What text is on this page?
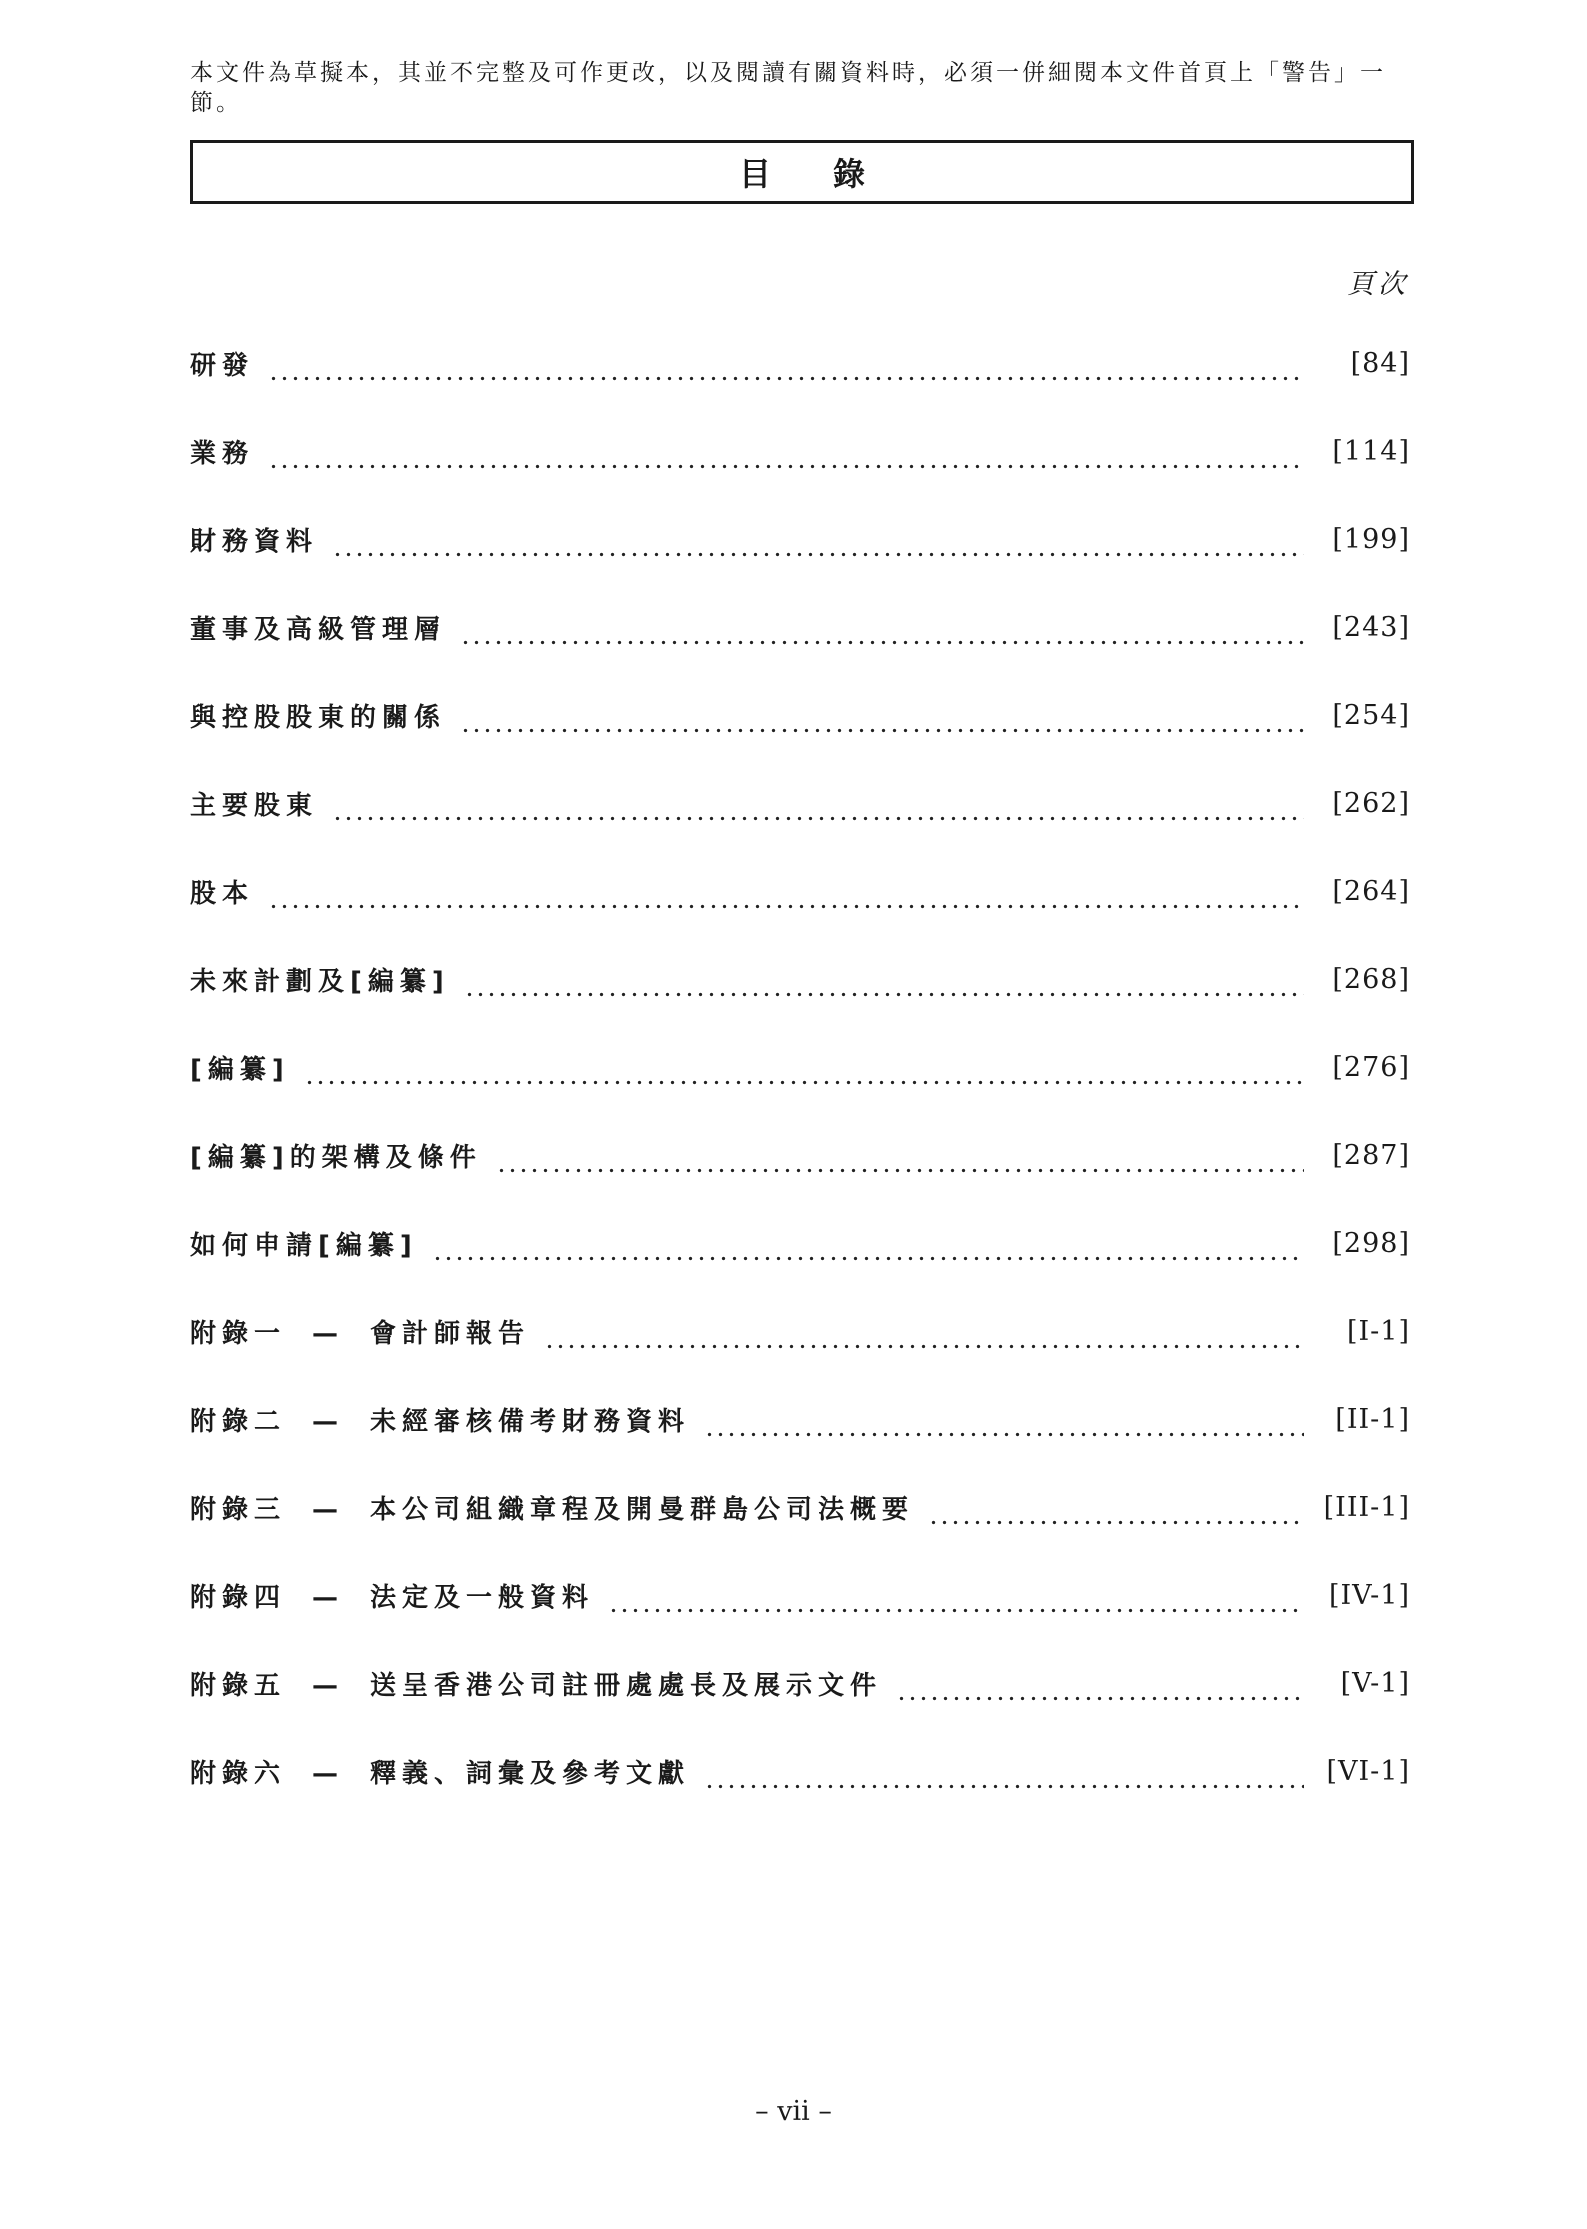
本文件為草擬本，其並不完整及可作更改，以及閱讀有關資料時，必須一併細閱本文件首頁上「警告」一節。
目錄
頁次
研發	[84]
業務	[114]
財務資料	[199]
董事及高級管理層	[243]
與控股股東的關係	[254]
主要股東	[262]
股本	[264]
未來計劃及[編纂]	[268]
[編纂]	[276]
[編纂]的架構及條件	[287]
如何申請[編纂]	[298]
附錄一 — 會計師報告	[I-1]
附錄二 — 未經審核備考財務資料	[II-1]
附錄三 — 本公司組織章程及開曼群島公司法概要	[III-1]
附錄四 — 法定及一般資料	[IV-1]
附錄五 — 送呈香港公司註冊處處長及展示文件	[V-1]
附錄六 — 釋義、詞彙及參考文獻	[VI-1]
– vii –
